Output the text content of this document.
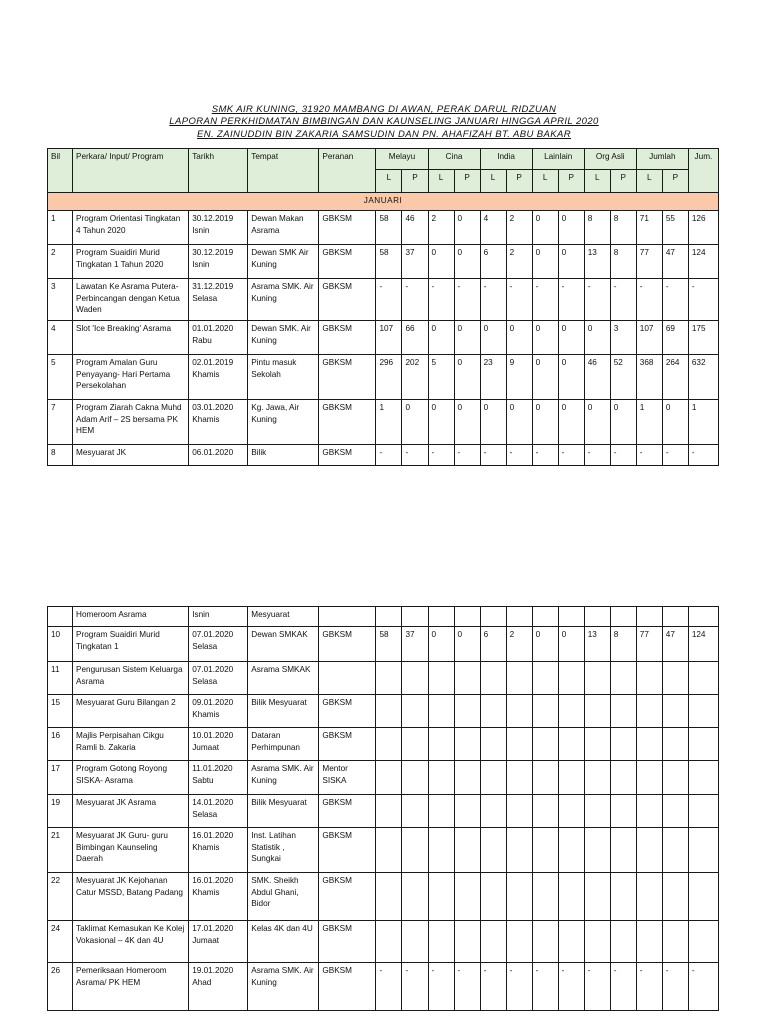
SMK AIR KUNING, 31920 MAMBANG DI AWAN, PERAK DARUL RIDZUAN
LAPORAN PERKHIDMATAN BIMBINGAN DAN KAUNSELING JANUARI HINGGA APRIL 2020
EN. ZAINUDDIN BIN ZAKARIA SAMSUDIN DAN PN. AHAFIZAH BT. ABU BAKAR
Bil	Perkara/ Input/ Program	Tarikh	Tempat	Peranan	Melayu		Cina		India		Lainlain		Org Asli		Jumlah		Jum.
					L	P	L	P	L	P	L	P	L	P	L	P	
JANUARI																	
1	Program Orientasi Tingkatan 4 Tahun 2020	30.12.2019 Isnin	Dewan Makan Asrama	GBKSM	58	46	2	0	4	2	0	0	8	8	71	55	126
2	Program Suaidiri Murid Tingkatan 1 Tahun 2020	30.12.2019 Isnin	Dewan SMK Air Kuning	GBKSM	58	37	0	0	6	2	0	0	13	8	77	47	124
3	Lawatan Ke Asrama Putera- Perbincangan dengan Ketua Waden	31.12.2019 Selasa	Asrama SMK. Air Kuning	GBKSM	-	-	-	-	-	-	-	-	-	-	-	-	-
4	Slot 'Ice Breaking' Asrama	01.01.2020 Rabu	Dewan SMK. Air Kuning	GBKSM	107	66	0	0	0	0	0	0	0	3	107	69	175
5	Program Amalan Guru Penyayang- Hari Pertama Persekolahan	02.01.2019 Khamis	Pintu masuk Sekolah	GBKSM	296	202	5	0	23	9	0	0	46	52	368	264	632
7	Program Ziarah Cakna Muhd Adam Arif – 2S bersama PK HEM	03.01.2020 Khamis	Kg. Jawa, Air Kuning	GBKSM	1	0	0	0	0	0	0	0	0	0	1	0	1
8	Mesyuarat JK	06.01.2020	Bilik	GBKSM	-	-	-	-	-	-	-	-	-	-	-	-	-
	Homeroom Asrama	Isnin	Mesyuarat														
10	Program Suaidiri Murid Tingkatan 1	07.01.2020 Selasa	Dewan SMKAK	GBKSM	58	37	0	0	6	2	0	0	13	8	77	47	124
11	Pengurusan Sistem Keluarga Asrama	07.01.2020 Selasa	Asrama SMKAK														
15	Mesyuarat Guru Bilangan 2	09.01.2020 Khamis	Bilik Mesyuarat	GBKSM													
16	Majlis Perpisahan Cikgu Ramli b. Zakaria	10.01.2020 Jumaat	Dataran Perhimpunan	GBKSM													
17	Program Gotong Royong SISKA- Asrama	11.01.2020 Sabtu	Asrama SMK. Air Kuning	Mentor SISKA													
19	Mesyuarat JK Asrama	14.01.2020 Selasa	Bilik Mesyuarat	GBKSM													
21	Mesyuarat JK Guru- guru Bimbingan Kaunseling Daerah	16.01.2020 Khamis	Inst. Latihan Statistik , Sungkai	GBKSM													
22	Mesyuarat JK Kejohanan Catur MSSD, Batang Padang	16.01.2020 Khamis	SMK. Sheikh Abdul Ghani, Bidor	GBKSM													
24	Taklimat Kemasukan Ke Kolej Vokasional – 4K dan 4U	17.01.2020 Jumaat	Kelas 4K dan 4U	GBKSM													
26	Pemeriksaan Homeroom Asrama/ PK HEM	19.01.2020 Ahad	Asrama SMK. Air Kuning	GBKSM	-	-	-	-	-	-	-	-	-	-	-	-	-
